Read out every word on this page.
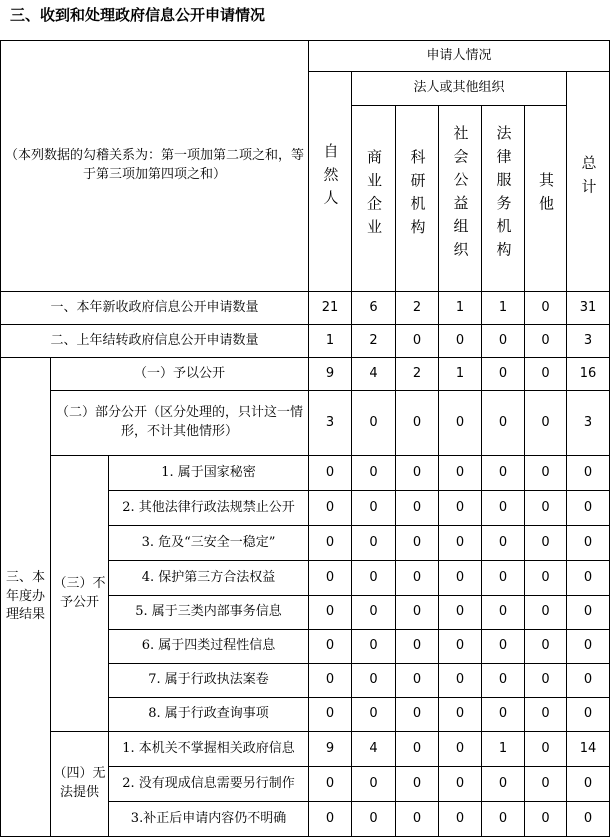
三、收到和处理政府信息公开申请情况
（本列数据的勾稽关系为：第一项加第二项之和，等于第三项加第四项之和）			申请人情况						
			自然人	法人或其他组织					总计
				商业企业	科研机构	社会公益组织	法律服务机构	其他	
一、本年新收政府信息公开申请数量			21	6	2	1	1	0	31
二、上年结转政府信息公开申请数量			1	2	0	0	0	0	3
三、本年度办理结果	（一）予以公开		9	4	2	1	0	0	16
	（二）部分公开（区分处理的，只计这一情形，不计其他情形）		3	0	0	0	0	0	3
	（三）不予公开	1. 属于国家秘密	0	0	0	0	0	0	0

		2. 其他法律行政法规禁止公开	0	0	0	0	0	0	0

		3. 危及“三安全一稳定”	0	0	0	0	0	0	0

		4. 保护第三方合法权益	0	0	0	0	0	0	0

		5. 属于三类内部事务信息	0	0	0	0	0	0	0

		6. 属于四类过程性信息	0	0	0	0	0	0	0

		7. 属于行政执法案卷	0	0	0	0	0	0	0

		8. 属于行政查询事项	0	0	0	0	0	0	0
	（四）无法提供	1. 本机关不掌握相关政府信息	9	4	0	0	1	0	14

		2. 没有现成信息需要另行制作	0	0	0	0	0	0	0

		3.补正后申请内容仍不明确	0	0	0	0	0	0	0
